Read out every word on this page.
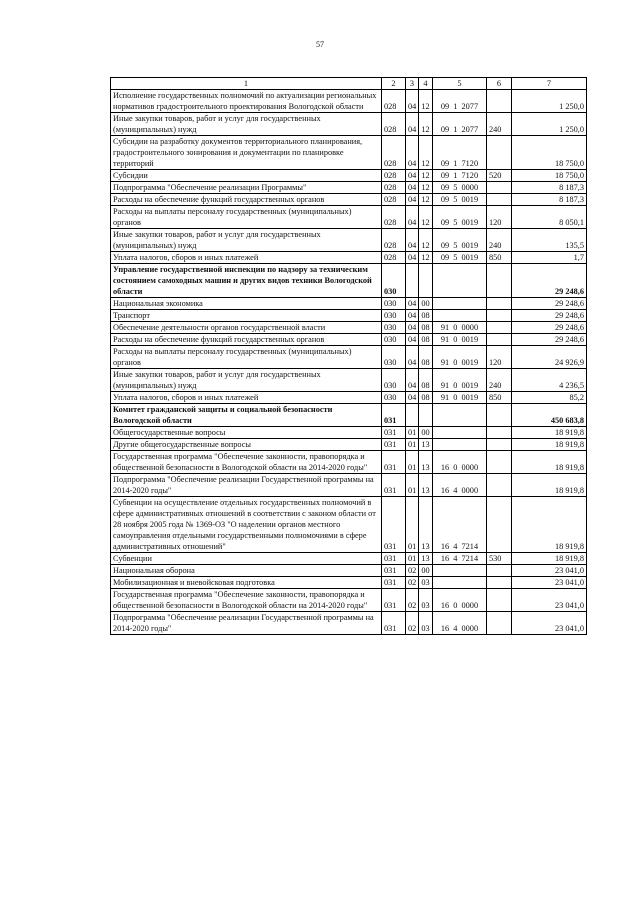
57
1	2	3	4	5	6	7
Исполнение государственных полномочий по актуализации региональных нормативов градостроительного проектирования Вологодской области	028	04	12	09 1 2077		1 250,0
Иные закупки товаров, работ и услуг для государственных (муниципальных) нужд	028	04	12	09 1 2077	240	1 250,0
Субсидии на разработку документов территориального планирования, градостроительного зонирования и документации по планировке территорий	028	04	12	09 1 7120		18 750,0
Субсидии	028	04	12	09 1 7120	520	18 750,0
Подпрограмма "Обеспечение реализации Программы"	028	04	12	09 5 0000		8 187,3
Расходы на обеспечение функций государственных органов	028	04	12	09 5 0019		8 187,3
Расходы на выплаты персоналу государственных (муниципальных) органов	028	04	12	09 5 0019	120	8 050,1
Иные закупки товаров, работ и услуг для государственных (муниципальных) нужд	028	04	12	09 5 0019	240	135,5
Уплата налогов, сборов и иных платежей	028	04	12	09 5 0019	850	1,7
Управление государственной инспекции по надзору за техническим состоянием самоходных машин и других видов техники Вологодской области	030					29 248,6
Национальная экономика	030	04	00			29 248,6
Транспорт	030	04	08			29 248,6
Обеспечение деятельности органов государственной власти	030	04	08	91 0 0000		29 248,6
Расходы на обеспечение функций государственных органов	030	04	08	91 0 0019		29 248,6
Расходы на выплаты персоналу государственных (муниципальных) органов	030	04	08	91 0 0019	120	24 926,9
Иные закупки товаров, работ и услуг для государственных (муниципальных) нужд	030	04	08	91 0 0019	240	4 236,5
Уплата налогов, сборов и иных платежей	030	04	08	91 0 0019	850	85,2
Комитет гражданской защиты и социальной безопасности Вологодской области	031					450 683,8
Общегосударственные вопросы	031	01	00			18 919,8
Другие общегосударственные вопросы	031	01	13			18 919,8
Государственная программа "Обеспечение законности, правопорядка и общественной безопасности в Вологодской области на 2014-2020 годы"	031	01	13	16 0 0000		18 919,8
Подпрограмма "Обеспечение реализации Государственной программы на 2014-2020 годы"	031	01	13	16 4 0000		18 919,8
Субвенции на осуществление отдельных государственных полномочий в сфере административных отношений в соответствии с законом области от 28 ноября 2005 года № 1369-ОЗ "О наделении органов местного самоуправления отдельными государственными полномочиями в сфере административных отношений"	031	01	13	16 4 7214		18 919,8
Субвенции	031	01	13	16 4 7214	530	18 919,8
Национальная оборона	031	02	00			23 041,0
Мобилизационная и вневойсковая подготовка	031	02	03			23 041,0
Государственная программа "Обеспечение законности, правопорядка и общественной безопасности в Вологодской области на 2014-2020 годы"	031	02	03	16 0 0000		23 041,0
Подпрограмма "Обеспечение реализации Государственной программы на 2014-2020 годы"	031	02	03	16 4 0000		23 041,0
